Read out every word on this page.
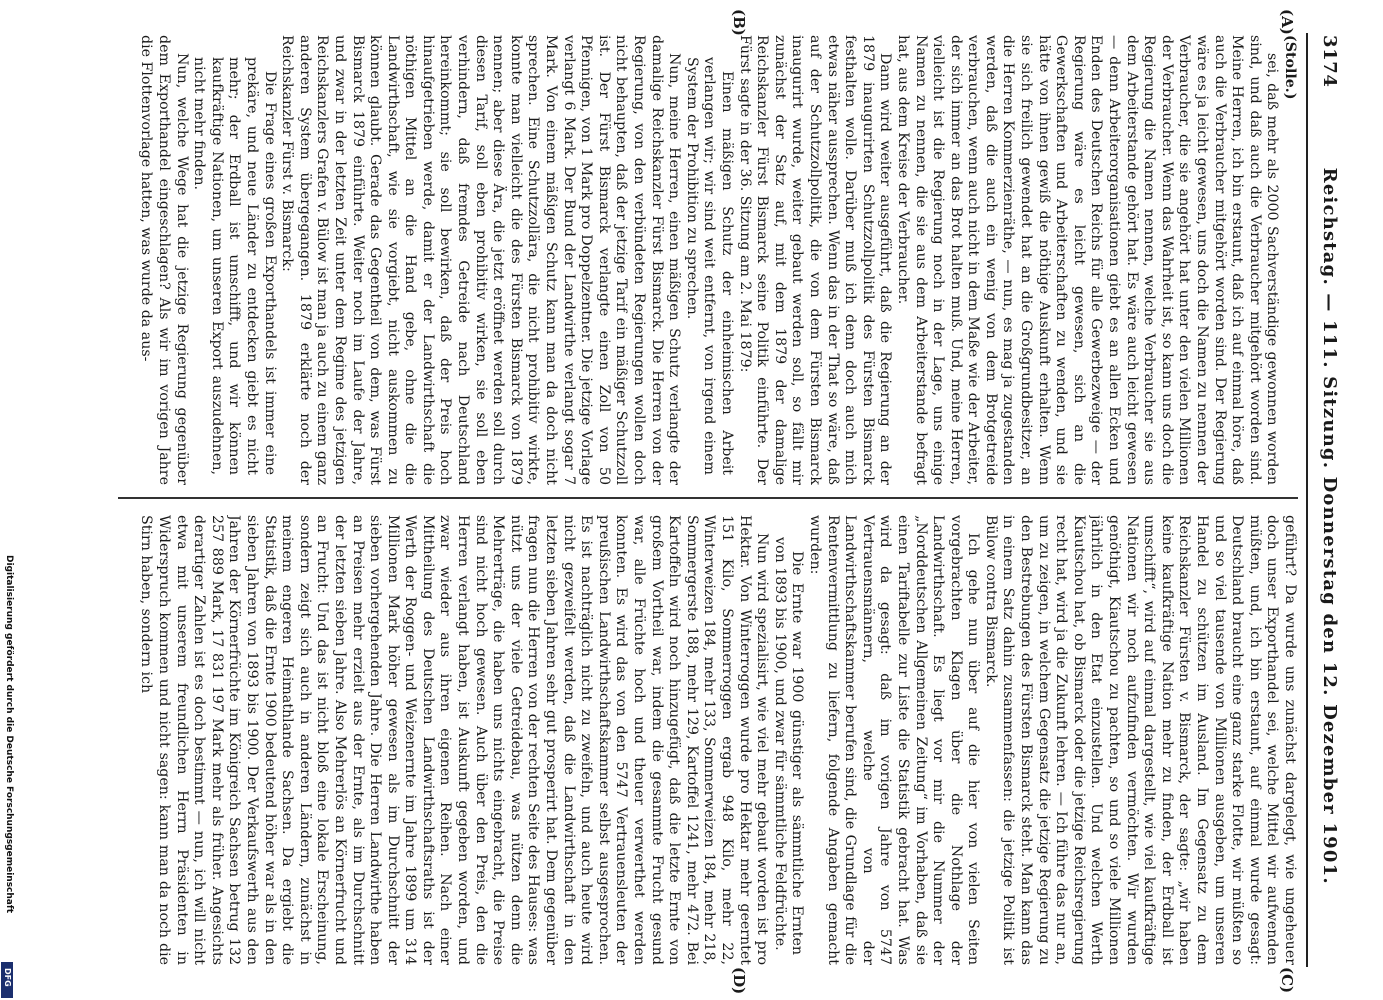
3174
Reichstag. — 111. Sitzung. Donnerstag den 12. Dezember 1901.
(A)
(B)
(C)
(D)

(Stolle.)

sei, daß mehr als 2000 Sachverständige gewonnen worden sind, und daß auch die Verbraucher mitgehört worden sind. Meine Herren, ich bin erstaunt, daß ich auf einmal höre, daß auch die Verbraucher mitgehört worden sind. Der Regierung wäre es ja leicht gewesen, uns doch die Namen zu nennen der Verbraucher, die sie angehört hat unter den vielen Millionen der Verbraucher. Wenn das Wahrheit ist, so kann uns doch die Regierung die Namen nennen, welche Verbraucher sie aus dem Arbeiterstande gehört hat. Es wäre auch leicht gewesen — denn Arbeiterorganisationen giebt es an allen Ecken und Enden des Deutschen Reichs für alle Gewerbezweige — der Regierung wäre es leicht gewesen, sich an die Gewerkschaften und Arbeiterschaften zu wenden, und sie hätte von ihnen gewiß die nöthige Auskunft erhalten. Wenn sie sich freilich gewendet hat an die Großgrundbesitzer, an die Herren Kommerzienräthe, — nun, es mag ja zugestanden werden, daß die auch ein wenig von dem Brotgetreide verbrauchen, wenn auch nicht in dem Maße wie der Arbeiter, der sich immer an das Brot halten muß. Und, meine Herren, vielleicht ist die Regierung noch in der Lage, uns einige Namen zu nennen, die sie aus dem Arbeiterstande befragt hat, aus dem Kreise der Verbraucher.

Dann wird weiter ausgeführt, daß die Regierung an der 1879 inaugurirten Schutzzollpolitik des Fürsten Bismarck festhalten wolle. Darüber muß ich denn doch auch mich etwas näher aussprechen. Wenn das in der That so wäre, daß auf der Schutzzollpolitik, die von dem Fürsten Bismarck inaugurirt wurde, weiter gebaut werden soll, so fällt mir zunächst der Satz auf, mit dem 1879 der damalige Reichskanzler Fürst Bismarck seine Politik einführte. Der Fürst sagte in der 36. Sitzung am 2. Mai 1879:

Einen mäßigen Schutz der einheimischen Arbeit verlangen wir; wir sind weit entfernt, von irgend einem System der Prohibition zu sprechen.

Nun, meine Herren, einen mäßigen Schutz verlangte der damalige Reichskanzler Fürst Bismarck. Die Herren von der Regierung, von den verbündeten Regierungen wollen doch nicht behaupten, daß der jetzige Tarif ein mäßiger Schutzzoll ist. Der Fürst Bismarck verlangte einen Zoll von 50 Pfennigen, von 1 Mark pro Doppelzentner. Die jetzige Vorlage verlangt 6 Mark. Der Bund der Landwirthe verlangt sogar 7 Mark. Von einem mäßigen Schutz kann man da doch nicht sprechen. Eine Schutzzollära, die nicht prohibitiv wirkte, konnte man vielleicht die des Fürsten Bismarck von 1879 nennen; aber diese Ära, die jetzt eröffnet werden soll durch diesen Tarif, soll eben prohibitiv wirken, sie soll eben verhindern, daß fremdes Getreide nach Deutschland hereinkommt; sie soll bewirken, daß der Preis hoch hinaufgetrieben werde, damit er der Landwirthschaft die nöthigen Mittel an die Hand gebe, ohne die die Landwirthschaft, wie sie vorgiebt, nicht auskommen zu können glaubt. Gerade das Gegentheil von dem, was Fürst Bismarck 1879 einführte. Weiter noch im Laufe der Jahre, und zwar in der letzten Zeit unter dem Regime des jetzigen Reichskanzlers Grafen v. Bülow ist man ja auch zu einem ganz anderen System übergegangen. 1879 erklärte noch der Reichskanzler Fürst v. Bismarck:

Die Frage eines großen Exporthandels ist immer eine prekäre, und neue Länder zu entdecken giebt es nicht mehr; der Erdball ist umschifft, und wir können kaufkräftige Nationen, um unseren Export auszudehnen, nicht mehr finden.

Nun, welche Wege hat die jetzige Regierung gegenüber dem Exporthandel eingeschlagen? Als wir im vorigen Jahre die Flottenvorlage hatten, was wurde da aus-

geführt? Da wurde uns zunächst dargelegt, wie ungeheuer doch unser Exporthandel sei, welche Mittel wir aufwenden müßten, und, ich bin erstaunt, auf einmal wurde gesagt: Deutschland braucht eine ganz starke Flotte, wir müßten so und so viel tausende von Millionen ausgeben, um unseren Handel zu schützen im Ausland. Im Gegensatz zu dem Reichskanzler Fürsten v. Bismarck, der sagte: „wir haben keine kaufkräftige Nation mehr zu finden, der Erdball ist umschifft“, wird auf einmal dargestellt, wie viel kaufkräftige Nationen wir noch aufzufinden vermöchten. Wir wurden genöthigt, Kiautschou zu pachten, so und so viele Millionen jährlich in den Etat einzustellen. Und welchen Werth Kiautschou hat, ob Bismarck oder die jetzige Reichsregierung recht hat, wird ja die Zukunft lehren. — Ich führe das nur an, um zu zeigen, in welchem Gegensatz die jetzige Regierung zu den Bestrebungen des Fürsten Bismarck steht. Man kann das in einem Satz dahin zusammenfassen: die jetzige Politik ist Bülow contra Bismarck.

Ich gehe nun über auf die hier von vielen Seiten vorgebrachten Klagen über die Nothlage der Landwirthschaft. Es liegt vor mir die Nummer der „Norddeutschen Allgemeinen Zeitung“ im Vorhaben, daß sie einen Tariftabelle zur Liste die Statistik gebracht hat. Was wird da gesagt: daß im vorigen Jahre von 5747 Vertrauensmännern, welche von der Landwirthschaftskammer berufen sind, die Grundlage für die Rentenvermittlung zu liefern, folgende Angaben gemacht wurden:

Die Ernte war 1900 günstiger als sämmtliche Ernten von 1893 bis 1900, und zwar für sämmtliche Feldfrüchte.

Nun wird spezialisirt, wie viel mehr gebaut worden ist pro Hektar. Von Winterroggen wurde pro Hektar mehr geerntet 151 Kilo, Sommerroggen ergab 948 Kilo, mehr 22, Winterweizen 184, mehr 133, Sommerweizen 184, mehr 218, Sommergerste 188, mehr 129, Kartoffel 1241, mehr 472. Bei Kartoffeln wird noch hinzugefügt, daß die letzte Ernte von großem Vortheil war, indem die gesammte Frucht gesund war, alle Früchte hoch und theuer verwerthet werden konnten. Es wird das von den 5747 Vertrauensleuten der preußischen Landwirthschaftskammer selbst ausgesprochen. Es ist nachträglich nicht zu zweifeln, und auch heute wird nicht gezweifelt werden, daß die Landwirthschaft in den letzten sieben Jahren sehr gut prosperirt hat. Dem gegenüber fragen nun die Herren von der rechten Seite des Hauses: was nützt uns der viele Getreidebau, was nützen denn die Mehrerträge, die haben uns nichts eingebracht, die Preise sind nicht hoch gewesen. Auch über den Preis, den die Herren verlangt haben, ist Auskunft gegeben worden, und zwar wieder aus ihren eigenen Reihen. Nach einer Mittheilung des Deutschen Landwirthschaftsraths ist der Werth der Roggen- und Weizenernte im Jahre 1899 um 314 Millionen Mark höher gewesen als im Durchschnitt der sieben vorhergehenden Jahre. Die Herren Landwirthe haben an Preisen mehr erzielt aus der Ernte, als im Durchschnitt der letzten sieben Jahre. Also Mehrerlös an Körnerfrucht und an Frucht: Und das ist nicht bloß eine lokale Erscheinung, sondern zeigt sich auch in anderen Ländern, zunächst in meinem engeren Heimathlande Sachsen. Da ergiebt die Statistik, daß die Ernte 1900 bedeutend höher war als in den sieben Jahren von 1893 bis 1900. Der Verkaufswerth aus den Jahren der Körnerfrüchte im Königreich Sachsen betrug 132 257 889 Mark, 17 831 197 Mark mehr als früher. Angesichts derartiger Zahlen ist es doch bestimmt — nun, ich will nicht etwa mit unserem freundlichen Herrn Präsidenten in Widerspruch kommen und nicht sagen: kann man da noch die Stirn haben, sondern ich

Digitalisierung gefördert durch die Deutsche Forschungsgemeinschaft
DFG
